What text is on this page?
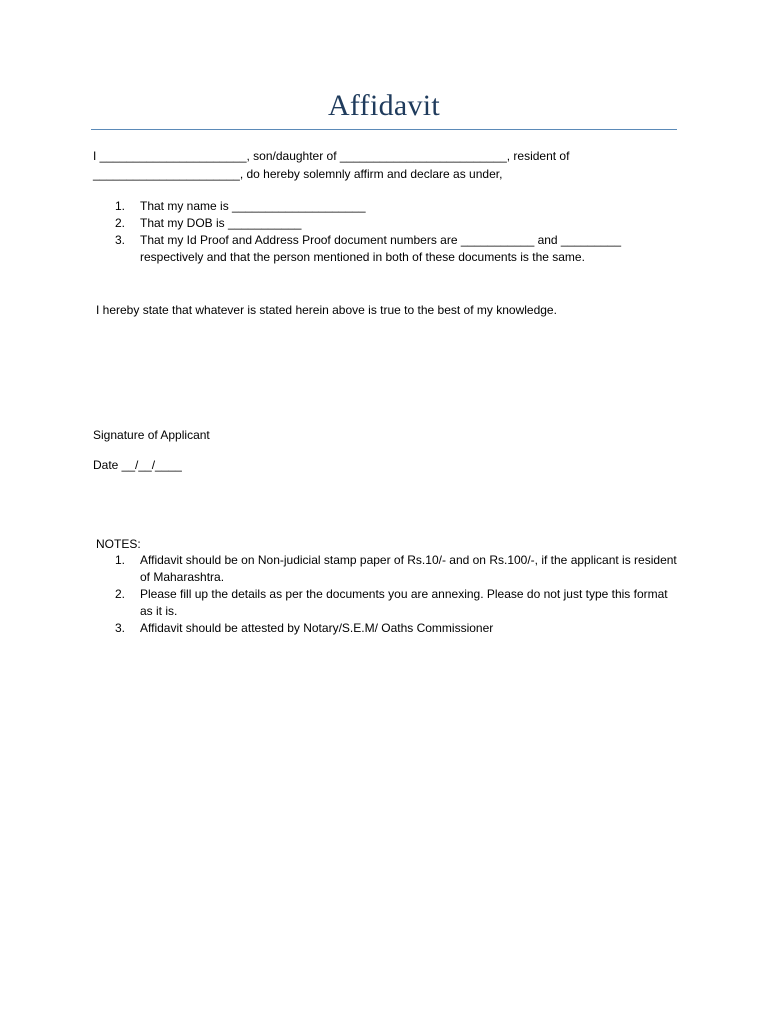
Affidavit
I ______________________, son/daughter of _________________________, resident of
______________________, do hereby solemnly affirm and declare as under,
1.	That my name is ____________________
2.	That my DOB is ___________
3.	That my Id Proof and Address Proof document numbers are ___________ and _________ respectively and that the person mentioned in both of these documents is the same.
I hereby state that whatever is stated herein above is true to the best of my knowledge.
Signature of Applicant
Date __/__/____
NOTES:
1.	Affidavit should be on Non-judicial stamp paper of Rs.10/- and on Rs.100/-, if the applicant is resident of Maharashtra.
2.	Please fill up the details as per the documents you are annexing. Please do not just type this format as it is.
3.	Affidavit should be attested by Notary/S.E.M/ Oaths Commissioner
